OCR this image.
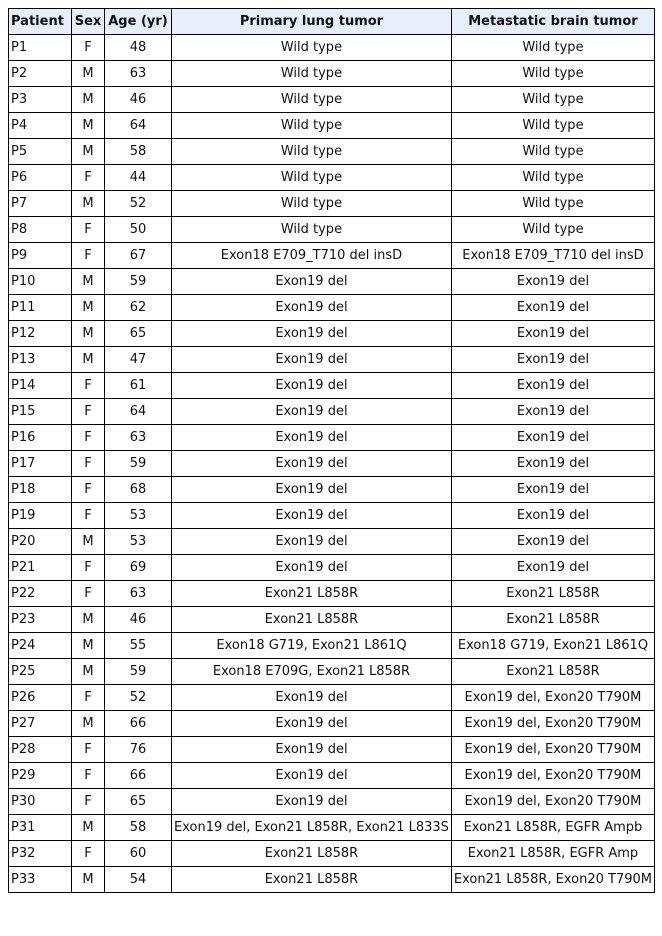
Patient	Sex	Age (yr)	Primary lung tumor	Metastatic brain tumor
P1	F	48	Wild type	Wild type
P2	M	63	Wild type	Wild type
P3	M	46	Wild type	Wild type
P4	M	64	Wild type	Wild type
P5	M	58	Wild type	Wild type
P6	F	44	Wild type	Wild type
P7	M	52	Wild type	Wild type
P8	F	50	Wild type	Wild type
P9	F	67	Exon18 E709_T710 del insD	Exon18 E709_T710 del insD
P10	M	59	Exon19 del	Exon19 del
P11	M	62	Exon19 del	Exon19 del
P12	M	65	Exon19 del	Exon19 del
P13	M	47	Exon19 del	Exon19 del
P14	F	61	Exon19 del	Exon19 del
P15	F	64	Exon19 del	Exon19 del
P16	F	63	Exon19 del	Exon19 del
P17	F	59	Exon19 del	Exon19 del
P18	F	68	Exon19 del	Exon19 del
P19	F	53	Exon19 del	Exon19 del
P20	M	53	Exon19 del	Exon19 del
P21	F	69	Exon19 del	Exon19 del
P22	F	63	Exon21 L858R	Exon21 L858R
P23	M	46	Exon21 L858R	Exon21 L858R
P24	M	55	Exon18 G719, Exon21 L861Q	Exon18 G719, Exon21 L861Q
P25	M	59	Exon18 E709G, Exon21 L858R	Exon21 L858R
P26	F	52	Exon19 del	Exon19 del, Exon20 T790M
P27	M	66	Exon19 del	Exon19 del, Exon20 T790M
P28	F	76	Exon19 del	Exon19 del, Exon20 T790M
P29	F	66	Exon19 del	Exon19 del, Exon20 T790M
P30	F	65	Exon19 del	Exon19 del, Exon20 T790M
P31	M	58	Exon19 del, Exon21 L858R, Exon21 L833S	Exon21 L858R, EGFR Ampb
P32	F	60	Exon21 L858R	Exon21 L858R, EGFR Amp
P33	M	54	Exon21 L858R	Exon21 L858R, Exon20 T790M
